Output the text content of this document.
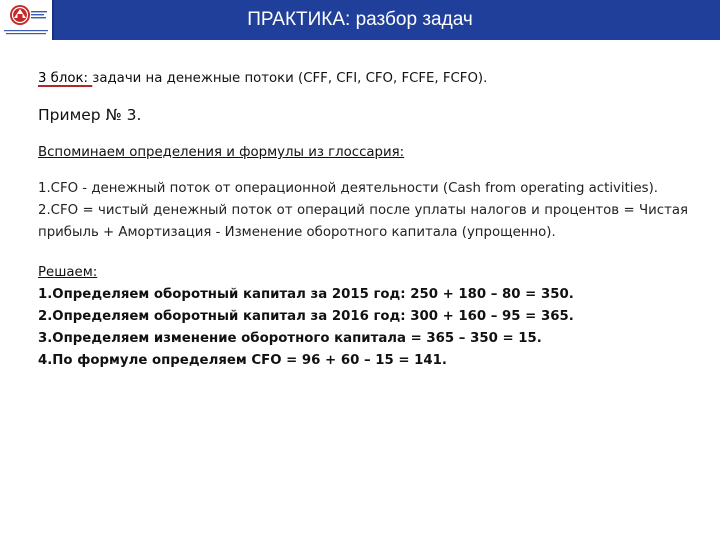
ПРАКТИКА: разбор задач

3 блок: задачи на денежные потоки (CFF, CFI, CFO, FCFE, FCFO).

Пример № 3.

Вспоминаем определения и формулы из глоссария:

1.CFO - денежный поток от операционной деятельности (Cash from operating activities).

2.CFO = чистый денежный поток от операций после уплаты налогов и процентов = Чистая прибыль + Амортизация - Изменение оборотного капитала (упрощенно).

Решаем:

1.Определяем оборотный капитал за 2015 год: 250 + 180 – 80 = 350.

2.Определяем оборотный капитал за 2016 год: 300 + 160 – 95 = 365.

3.Определяем изменение оборотного капитала = 365 – 350 = 15.

4.По формуле определяем CFO = 96 + 60 – 15 = 141.
